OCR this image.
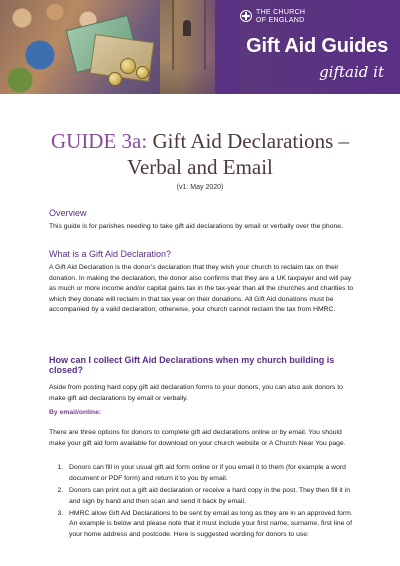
THE CHURCH
OF ENGLAND
Gift Aid Guides
giftaid it
GUIDE 3a: Gift Aid Declarations –
Verbal and Email
(v1: May 2020)
Overview

This guide is for parishes needing to take gift aid declarations by email or verbally over the phone.

What is a Gift Aid Declaration?

A Gift Aid Declaration is the donor’s declaration that they wish your church to reclaim tax on their donation. In making the declaration, the donor also confirms that they are a UK taxpayer and will pay as much or more income and/or capital gains tax in the tax-year than all the churches and charities to which they donate will reclaim in that tax year on their donations. All Gift Aid donations must be accompanied by a valid declaration; otherwise, your church cannot reclaim the tax from HMRC.

How can I collect Gift Aid Declarations when my church building is closed?

Aside from posting hard copy gift aid declaration forms to your donors, you can also ask donors to make gift aid declarations by email or verbally.

By email/online:

There are three options for donors to complete gift aid declarations online or by email. You should make your gift aid form available for download on your church website or A Church Near You page.

1. Donors can fill in your usual gift aid form online or if you email it to them (for example a word document or PDF form) and return it to you by email.
2. Donors can print out a gift aid declaration or receive a hard copy in the post. They then fill it in and sign by hand and then scan and send it back by email.
3. HMRC allow Gift Aid Declarations to be sent by email as long as they are in an approved form. An example is below and please note that it must include your first name, surname, first line of your home address and postcode. Here is suggested wording for donors to use:
